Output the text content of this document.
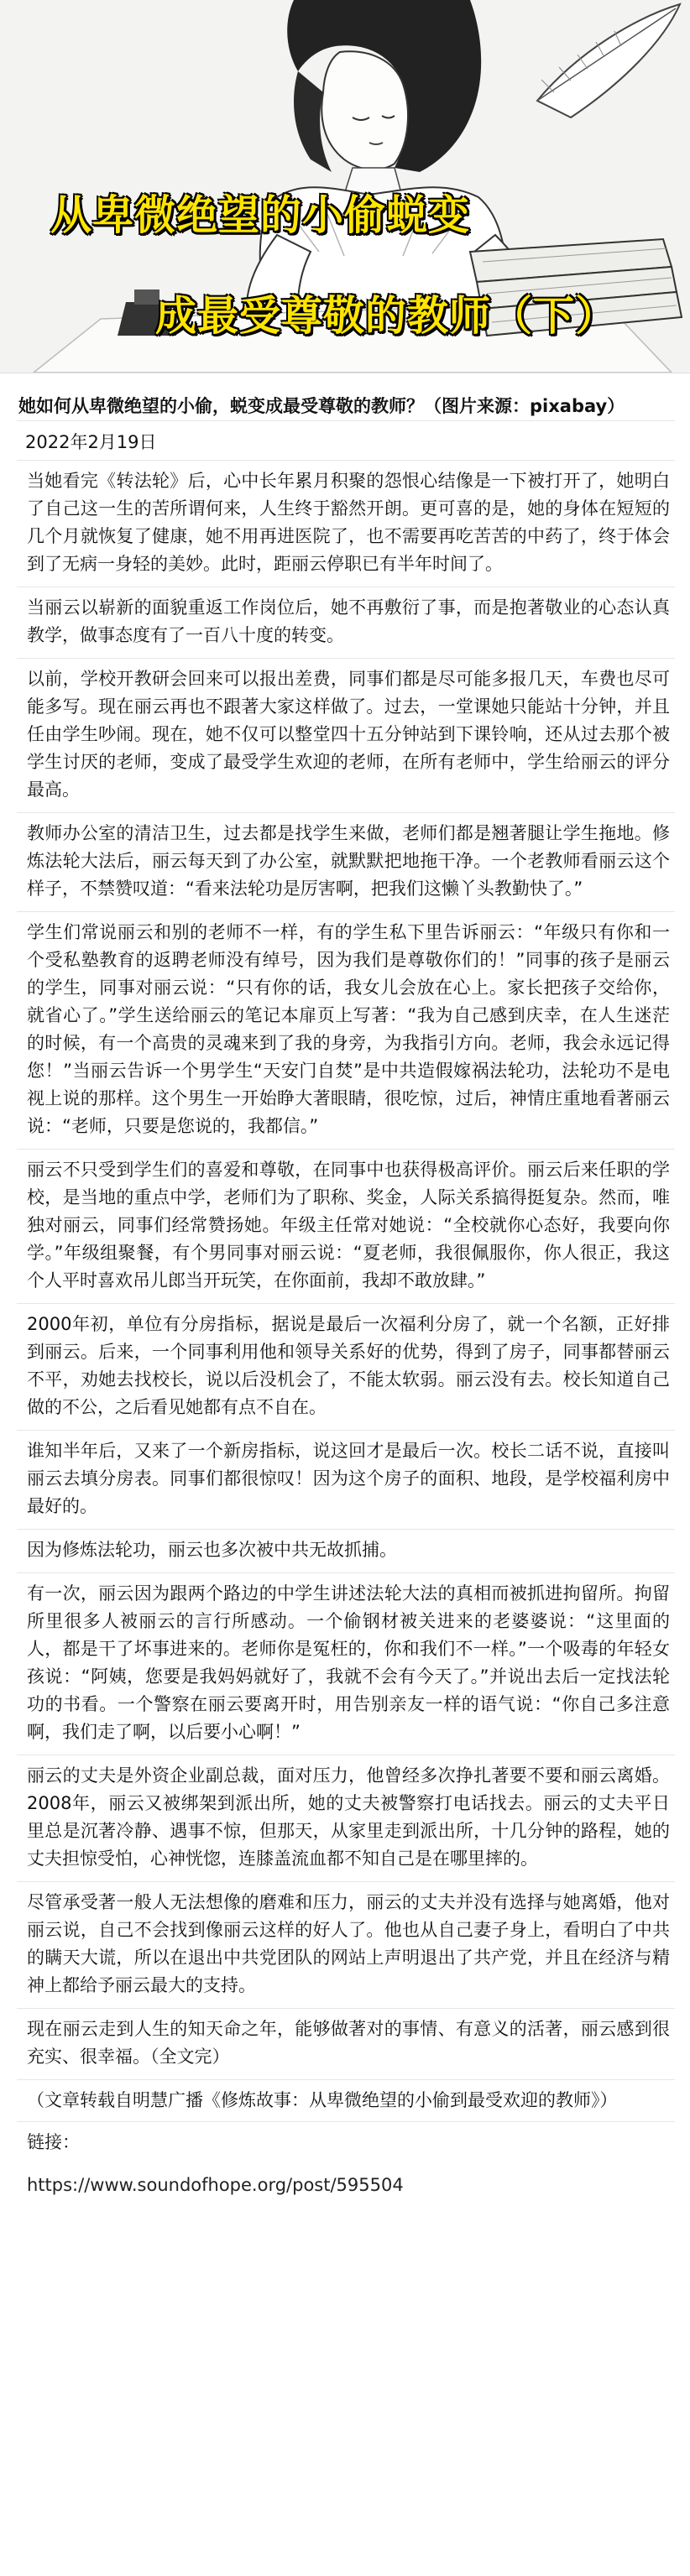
从卑微绝望的小偷蜕变
成最受尊敬的教师（下）
她如何从卑微绝望的小偷，蜕变成最受尊敬的教师？（图片来源：pixabay）
2022年2月19日

当她看完《转法轮》后，心中长年累月积聚的怨恨心结像是一下被打开了，她明白了自己这一生的苦所谓何来，人生终于豁然开朗。更可喜的是，她的身体在短短的几个月就恢复了健康，她不用再进医院了，也不需要再吃苦苦的中药了，终于体会到了无病一身轻的美妙。此时，距丽云停职已有半年时间了。

当丽云以崭新的面貌重返工作岗位后，她不再敷衍了事，而是抱著敬业的心态认真教学，做事态度有了一百八十度的转变。

以前，学校开教研会回来可以报出差费，同事们都是尽可能多报几天，车费也尽可能多写。现在丽云再也不跟著大家这样做了。过去，一堂课她只能站十分钟，并且任由学生吵闹。现在，她不仅可以整堂四十五分钟站到下课铃响，还从过去那个被学生讨厌的老师，变成了最受学生欢迎的老师，在所有老师中，学生给丽云的评分最高。

教师办公室的清洁卫生，过去都是找学生来做，老师们都是翘著腿让学生拖地。修炼法轮大法后，丽云每天到了办公室，就默默把地拖干净。一个老教师看丽云这个样子，不禁赞叹道：“看来法轮功是厉害啊，把我们这懒丫头教勤快了。”

学生们常说丽云和别的老师不一样，有的学生私下里告诉丽云：“年级只有你和一个受私塾教育的返聘老师没有绰号，因为我们是尊敬你们的！”同事的孩子是丽云的学生，同事对丽云说：“只有你的话，我女儿会放在心上。家长把孩子交给你，就省心了。”学生送给丽云的笔记本扉页上写著：“我为自己感到庆幸，在人生迷茫的时候，有一个高贵的灵魂来到了我的身旁，为我指引方向。老师，我会永远记得您！”当丽云告诉一个男学生“天安门自焚”是中共造假嫁祸法轮功，法轮功不是电视上说的那样。这个男生一开始睁大著眼睛，很吃惊，过后，神情庄重地看著丽云说：“老师，只要是您说的，我都信。”

丽云不只受到学生们的喜爱和尊敬，在同事中也获得极高评价。丽云后来任职的学校，是当地的重点中学，老师们为了职称、奖金，人际关系搞得挺复杂。然而，唯独对丽云，同事们经常赞扬她。年级主任常对她说：“全校就你心态好，我要向你学。”年级组聚餐，有个男同事对丽云说：“夏老师，我很佩服你，你人很正，我这个人平时喜欢吊儿郎当开玩笑，在你面前，我却不敢放肆。”

2000年初，单位有分房指标，据说是最后一次福利分房了，就一个名额，正好排到丽云。后来，一个同事利用他和领导关系好的优势，得到了房子，同事都替丽云不平，劝她去找校长，说以后没机会了，不能太软弱。丽云没有去。校长知道自己做的不公，之后看见她都有点不自在。

谁知半年后，又来了一个新房指标，说这回才是最后一次。校长二话不说，直接叫丽云去填分房表。同事们都很惊叹！因为这个房子的面积、地段，是学校福利房中最好的。

因为修炼法轮功，丽云也多次被中共无故抓捕。

有一次，丽云因为跟两个路边的中学生讲述法轮大法的真相而被抓进拘留所。拘留所里很多人被丽云的言行所感动。一个偷钢材被关进来的老婆婆说：“这里面的人，都是干了坏事进来的。老师你是冤枉的，你和我们不一样。”一个吸毒的年轻女孩说：“阿姨，您要是我妈妈就好了，我就不会有今天了。”并说出去后一定找法轮功的书看。一个警察在丽云要离开时，用告别亲友一样的语气说：“你自己多注意啊，我们走了啊，以后要小心啊！”

丽云的丈夫是外资企业副总裁，面对压力，他曾经多次挣扎著要不要和丽云离婚。2008年，丽云又被绑架到派出所，她的丈夫被警察打电话找去。丽云的丈夫平日里总是沉著冷静、遇事不惊，但那天，从家里走到派出所，十几分钟的路程，她的丈夫担惊受怕，心神恍惚，连膝盖流血都不知自己是在哪里摔的。

尽管承受著一般人无法想像的磨难和压力，丽云的丈夫并没有选择与她离婚，他对丽云说，自己不会找到像丽云这样的好人了。他也从自己妻子身上，看明白了中共的瞒天大谎，所以在退出中共党团队的网站上声明退出了共产党，并且在经济与精神上都给予丽云最大的支持。

现在丽云走到人生的知天命之年，能够做著对的事情、有意义的活著，丽云感到很充实、很幸福。（全文完）

（文章转载自明慧广播《修炼故事：从卑微绝望的小偷到最受欢迎的教师》）
链接：
https://www.soundofhope.org/post/595504
